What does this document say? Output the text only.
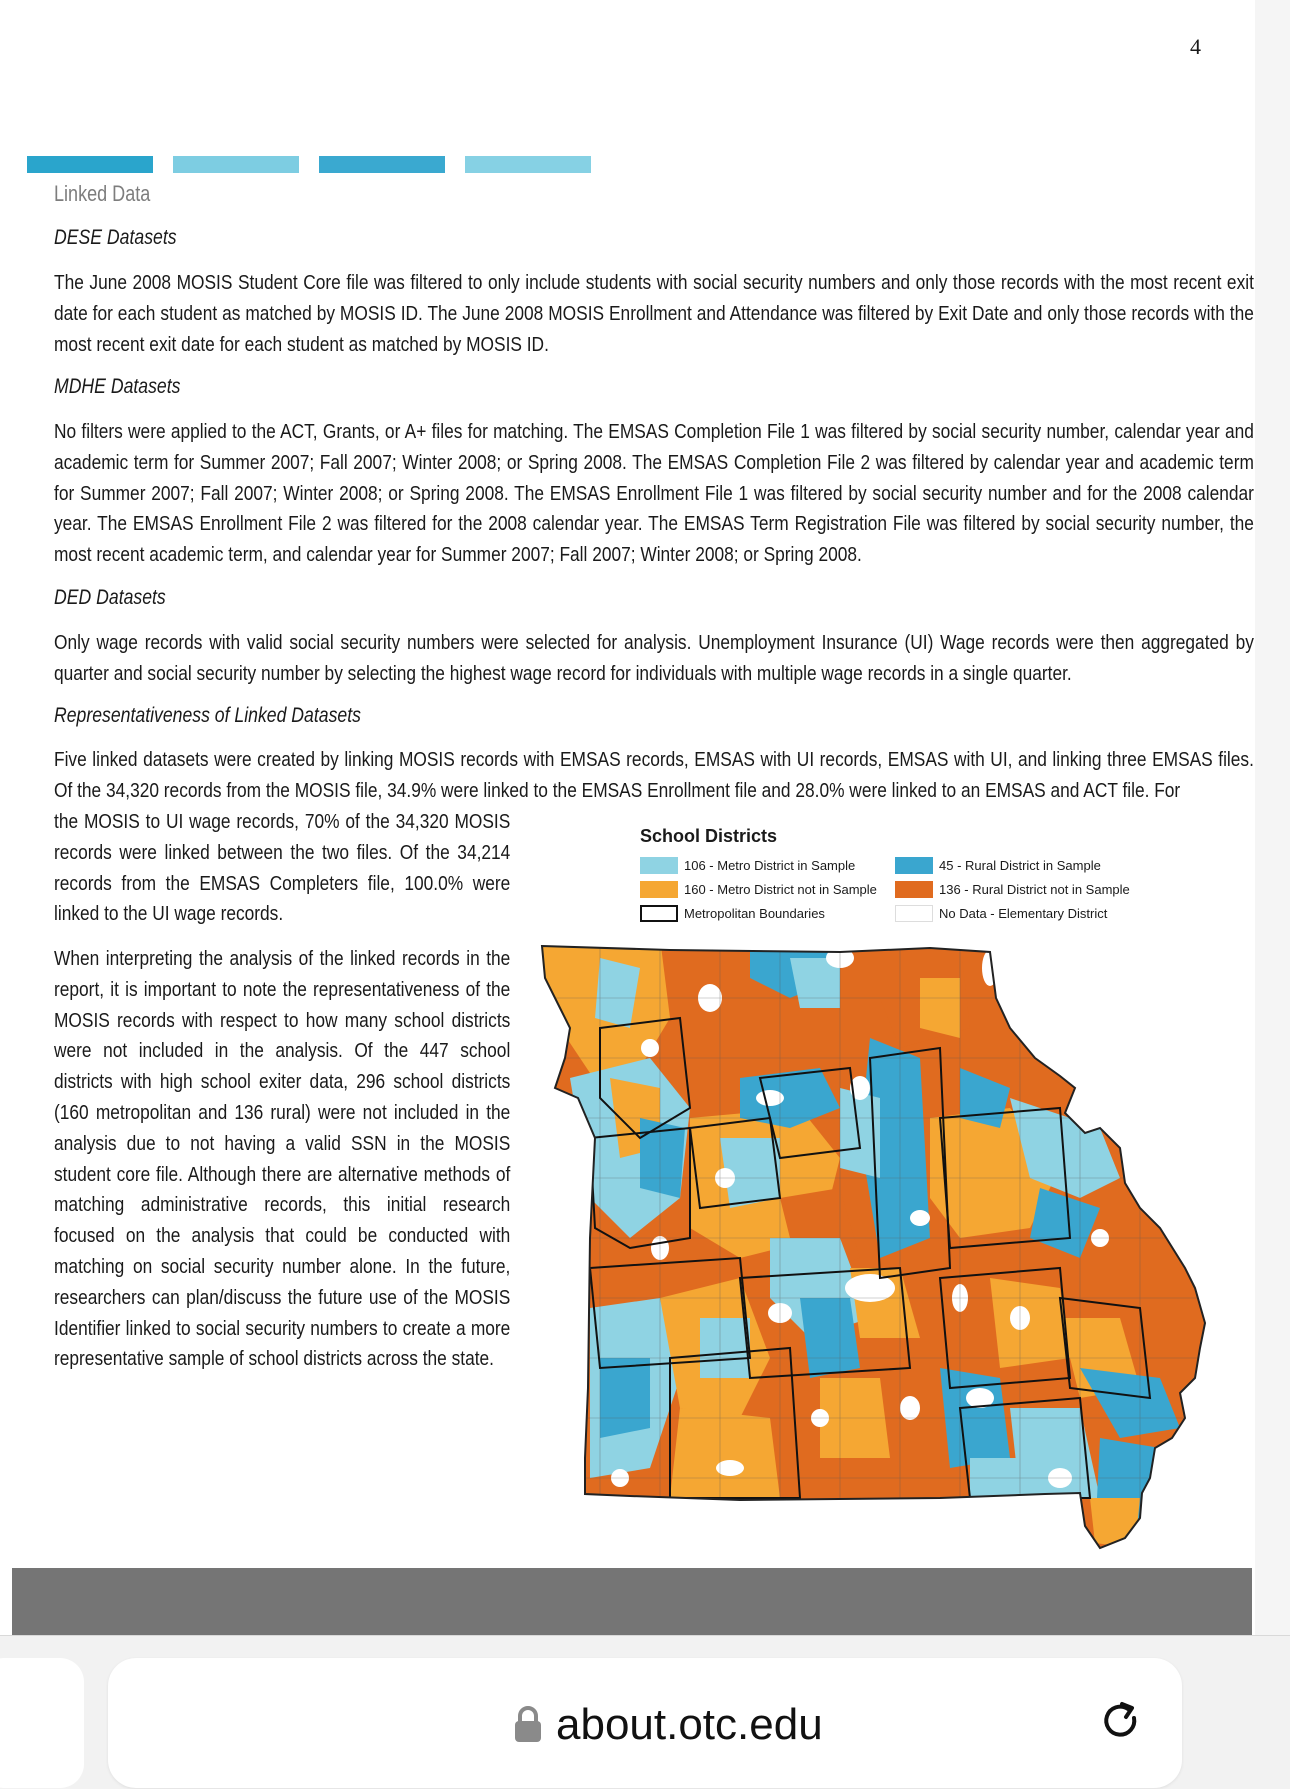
4
Linked Data
DESE Datasets
The June 2008 MOSIS Student Core file was filtered to only include students with social security numbers and only those records with the most recent exit date for each student as matched by MOSIS ID. The June 2008 MOSIS Enrollment and Attendance was filtered by Exit Date and only those records with the most recent exit date for each student as matched by MOSIS ID.
MDHE Datasets
No filters were applied to the ACT, Grants, or A+ files for matching. The EMSAS Completion File 1 was filtered by social security number, calendar year and academic term for Summer 2007; Fall 2007; Winter 2008; or Spring 2008. The EMSAS Completion File 2 was filtered by calendar year and academic term for Summer 2007; Fall 2007; Winter 2008; or Spring 2008. The EMSAS Enrollment File 1 was filtered by social security number and for the 2008 calendar year. The EMSAS Enrollment File 2 was filtered for the 2008 calendar year. The EMSAS Term Registration File was filtered by social security number, the most recent academic term, and calendar year for Summer 2007; Fall 2007; Winter 2008; or Spring 2008.
DED Datasets
Only wage records with valid social security numbers were selected for analysis. Unemployment Insurance (UI) Wage records were then aggregated by quarter and social security number by selecting the highest wage record for individuals with multiple wage records in a single quarter.
Representativeness of Linked Datasets
Five linked datasets were created by linking MOSIS records with EMSAS records, EMSAS with UI records, EMSAS with UI, and linking three EMSAS files. Of the 34,320 records from the MOSIS file, 34.9% were linked to the EMSAS Enrollment file and 28.0% were linked to an EMSAS and ACT file. For
the MOSIS to UI wage records, 70% of the 34,320 MOSIS records were linked between the two files. Of the 34,214 records from the EMSAS Completers file, 100.0% were linked to the UI wage records.
When interpreting the analysis of the linked records in the report, it is important to note the representativeness of the MOSIS records with respect to how many school districts were not included in the analysis. Of the 447 school districts with high school exiter data, 296 school districts (160 metropolitan and 136 rural) were not included in the analysis due to not having a valid SSN in the MOSIS student core file. Although there are alternative methods of matching administrative records, this initial research focused on the analysis that could be conducted with matching on social security number alone. In the future, researchers can plan/discuss the future use of the MOSIS Identifier linked to social security numbers to create a more representative sample of school districts across the state.
School Districts
106 - Metro District in Sample	45 - Rural District in Sample
160 - Metro District not in Sample	136 - Rural District not in Sample
Metropolitan Boundaries	No Data - Elementary District
about.otc.edu
